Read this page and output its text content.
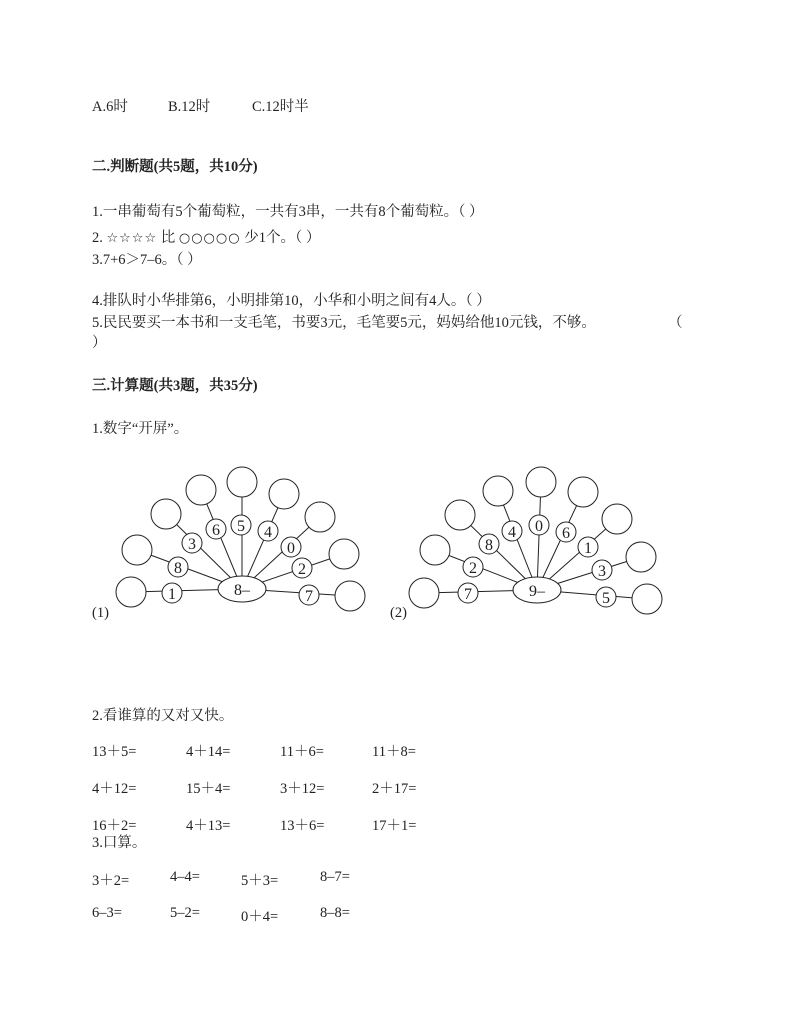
A.6时	B.12时	C.12时半
二.判断题(共5题，共10分)
1.一串葡萄有5个葡萄粒，一共有3串，一共有8个葡萄粒。（ ）
2. ☆☆☆☆ 比 ○○○○○ 少1个。（ ）
3.7+6＞7–6。（ ）
4.排队时小华排第6，小明排第10，小华和小明之间有4人。（ ）
5.民民要买一本书和一支毛笔，书要3元，毛笔要5元，妈妈给他10元钱，不够。	（
）
三.计算题(共3题，共35分)
1.数字“开屏”。
1
8
3
6 5 4
0
2
7
8–	7
2
8
4 0 6
1
3
5
9–
(1)	(2)
2.看谁算的又对又快。
13＋5=	4＋14=	11＋6=	11＋8=
4＋12=	15＋4=	3＋12=	2＋17=
16＋2=	4＋13=	13＋6=	17＋1=
3.口算。
3＋2=	4–4=	5＋3=	8–7=
6–3=	5–2=	0＋4=	8–8=
